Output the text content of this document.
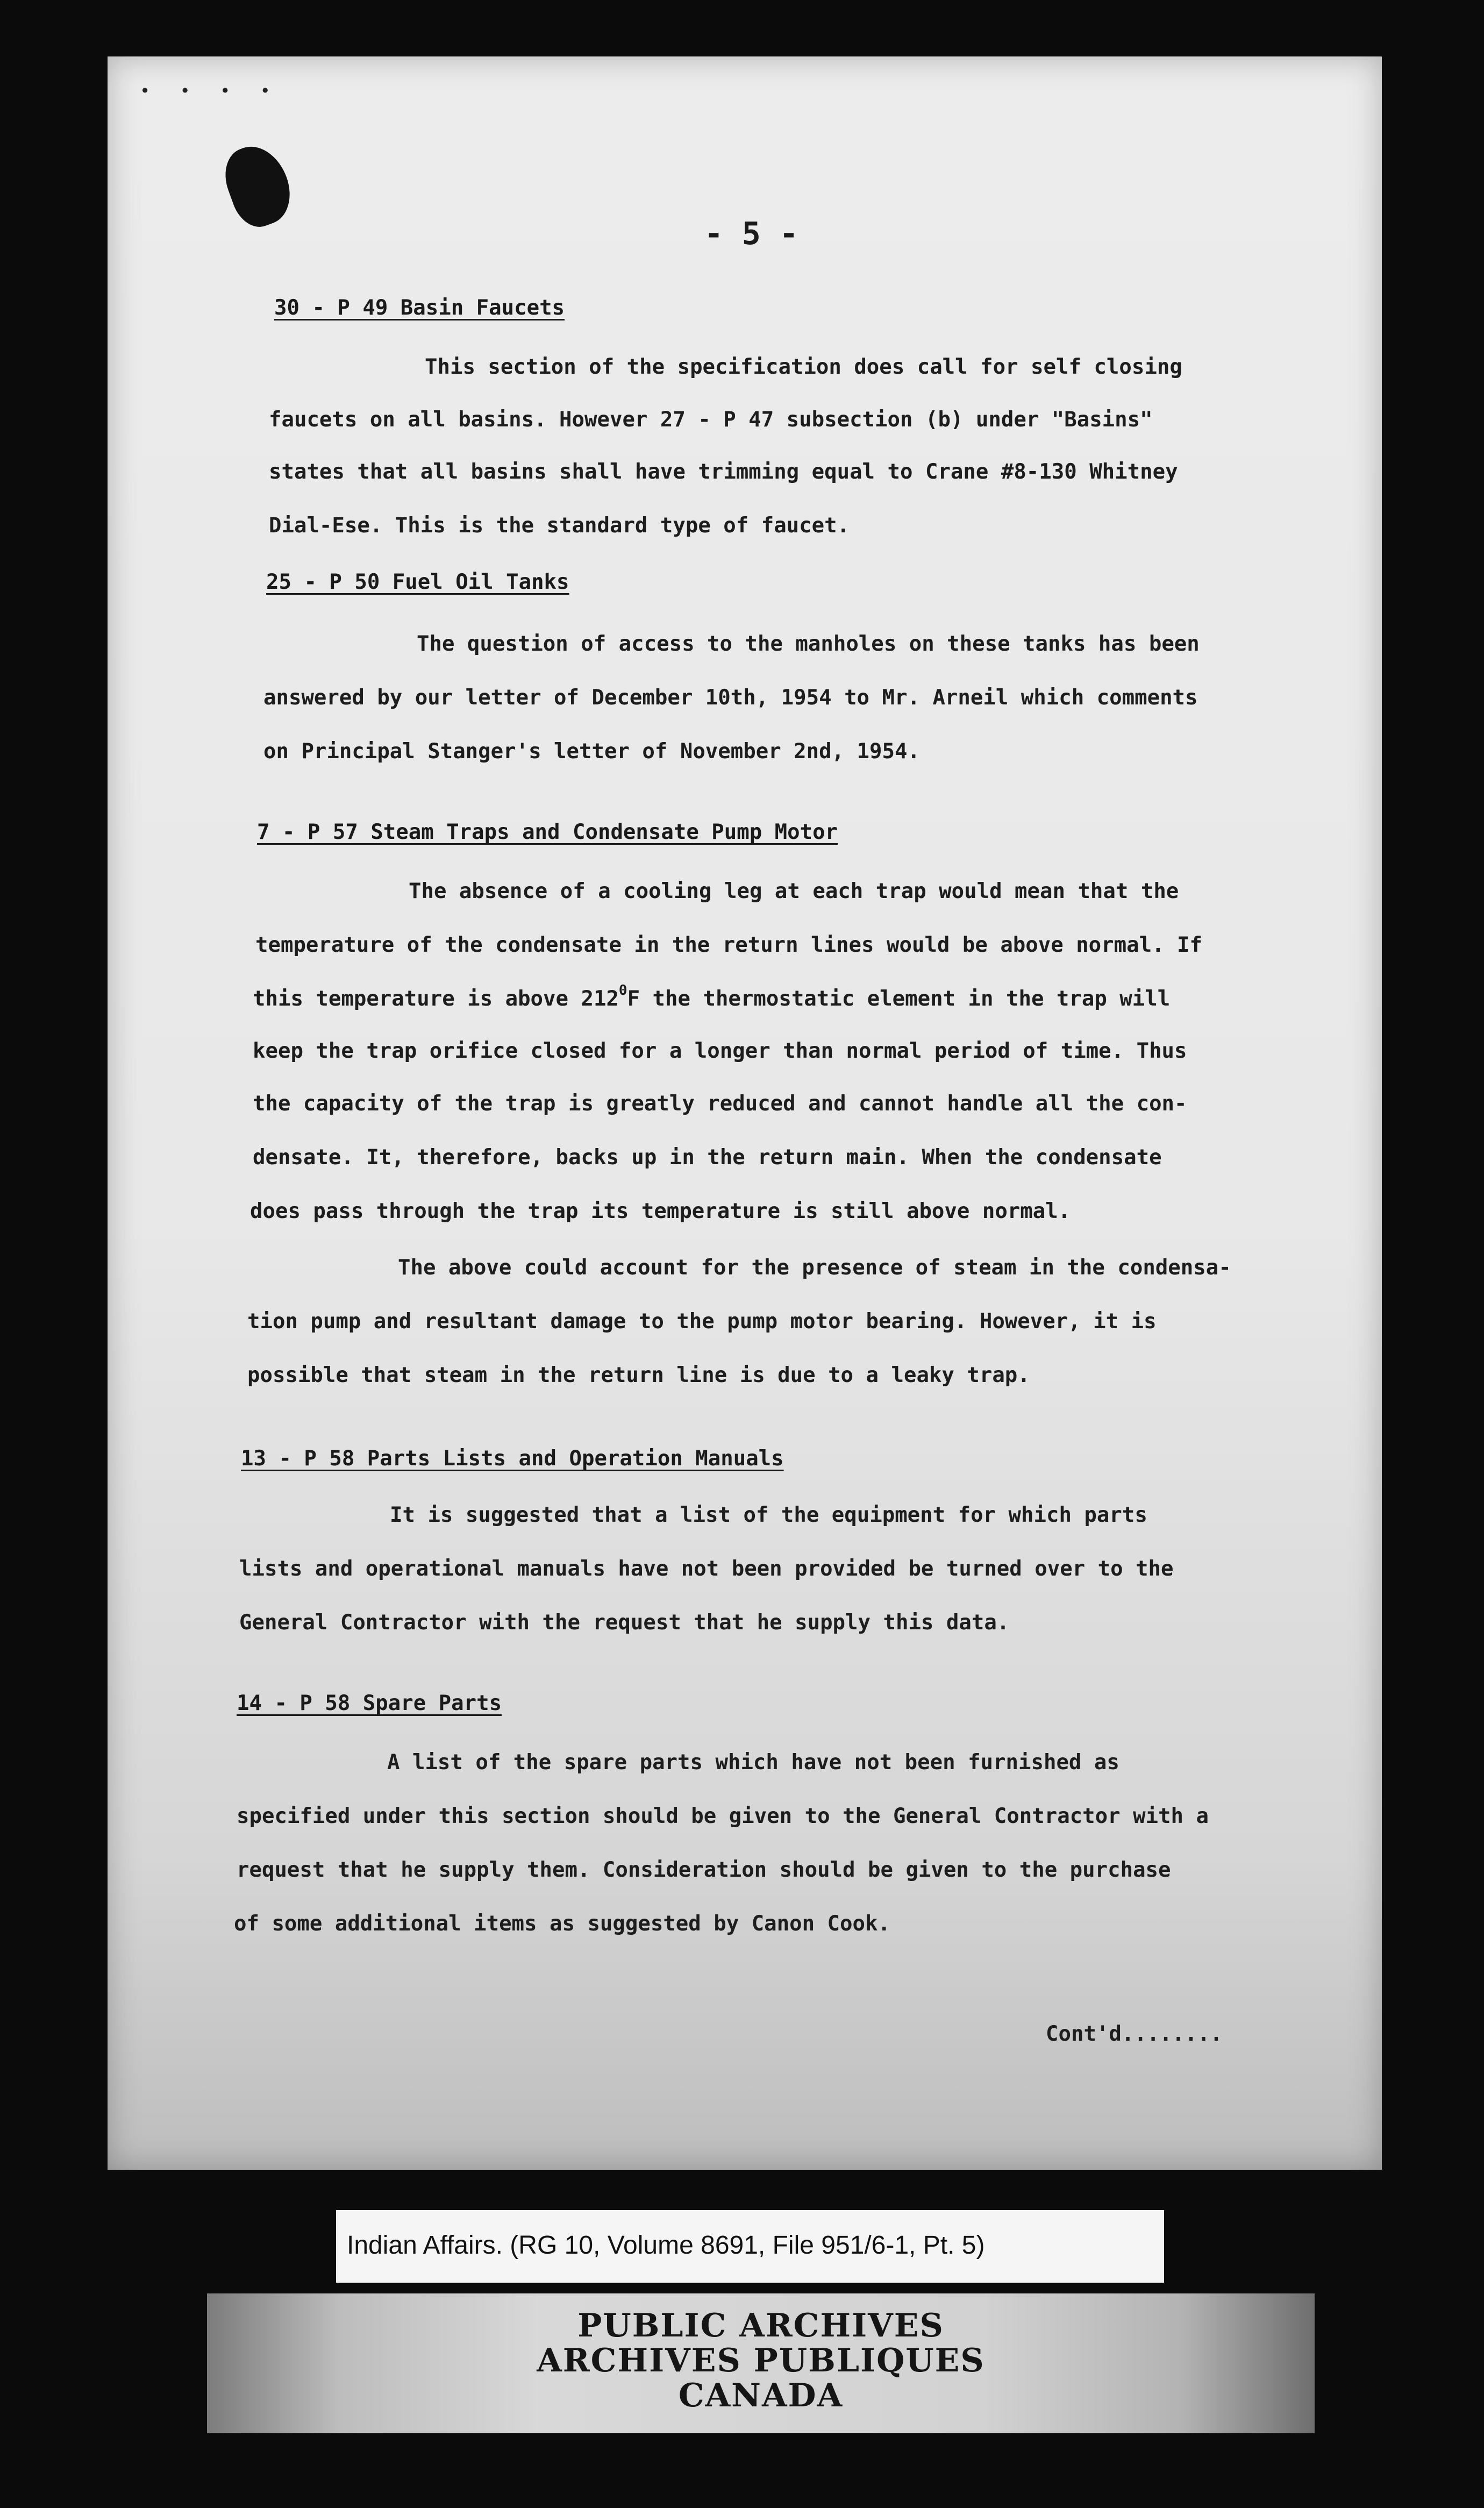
• • • •
- 5 -
30 - P 49 Basin Faucets
This section of the specification does call for self closing
faucets on all basins. However 27 - P 47 subsection (b) under "Basins"
states that all basins shall have trimming equal to Crane #8-130 Whitney
Dial-Ese. This is the standard type of faucet.
25 - P 50 Fuel Oil Tanks
The question of access to the manholes on these tanks has been
answered by our letter of December 10th, 1954 to Mr. Arneil which comments
on Principal Stanger's letter of November 2nd, 1954.
7 - P 57 Steam Traps and Condensate Pump Motor
The absence of a cooling leg at each trap would mean that the
temperature of the condensate in the return lines would be above normal. If
this temperature is above $212^0F$ the thermostatic element in the trap will
keep the trap orifice closed for a longer than normal period of time. Thus
the capacity of the trap is greatly reduced and cannot handle all the con-
densate. It, therefore, backs up in the return main. When the condensate
does pass through the trap its temperature is still above normal.
The above could account for the presence of steam in the condensa-
tion pump and resultant damage to the pump motor bearing. However, it is
possible that steam in the return line is due to a leaky trap.
13 - P 58 Parts Lists and Operation Manuals
It is suggested that a list of the equipment for which parts
lists and operational manuals have not been provided be turned over to the
General Contractor with the request that he supply this data.
14 - P 58 Spare Parts
A list of the spare parts which have not been furnished as
specified under this section should be given to the General Contractor with a
request that he supply them. Consideration should be given to the purchase
of some additional items as suggested by Canon Cook.
Cont'd........
Indian Affairs. (RG 10, Volume 8691, File 951/6-1, Pt. 5)
PUBLIC ARCHIVES
ARCHIVES PUBLIQUES
CANADA
